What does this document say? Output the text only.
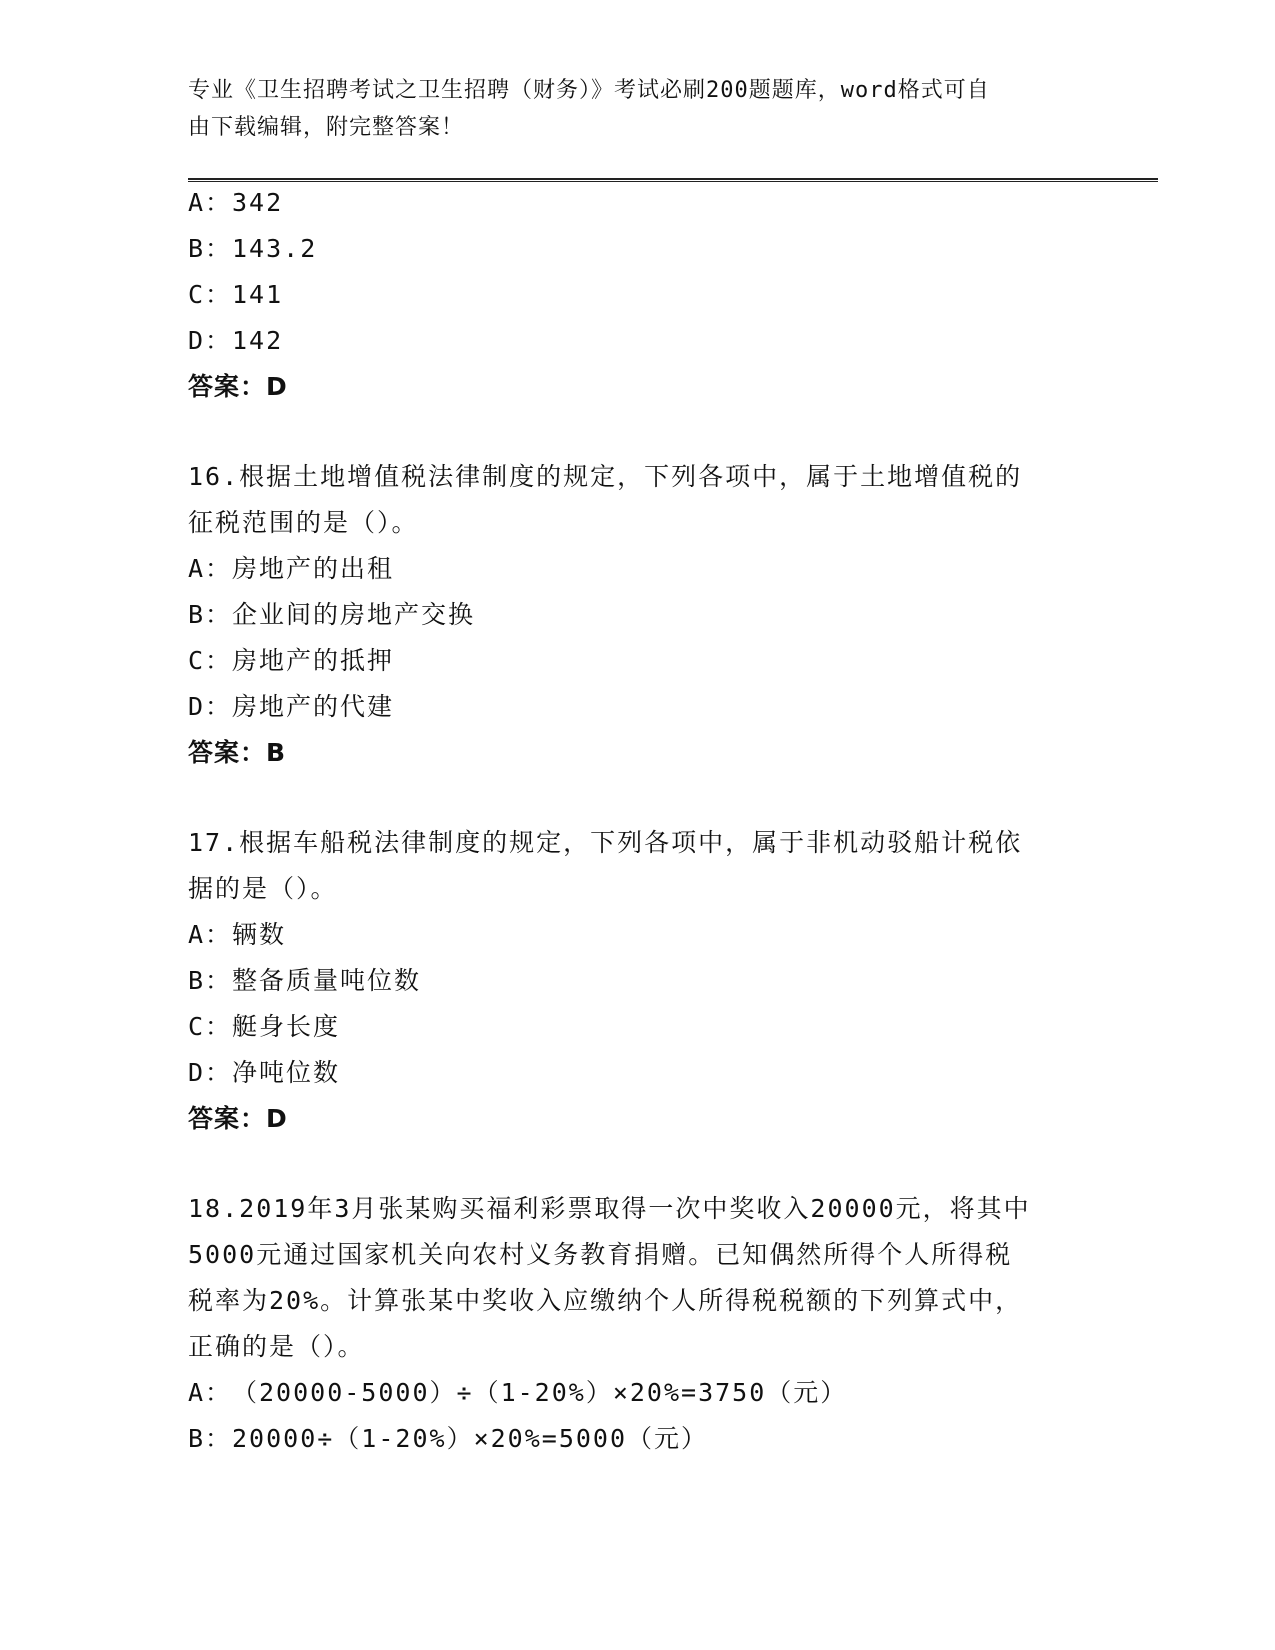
专业《卫生招聘考试之卫生招聘（财务）》考试必刷200题题库，word格式可自
由下载编辑，附完整答案！
A：342
B：143.2
C：141
D：142
答案：D
16.根据土地增值税法律制度的规定，下列各项中，属于土地增值税的
征税范围的是（）。
A：房地产的出租
B：企业间的房地产交换
C：房地产的抵押
D：房地产的代建
答案：B
17.根据车船税法律制度的规定，下列各项中，属于非机动驳船计税依
据的是（）。
A：辆数
B：整备质量吨位数
C：艇身长度
D：净吨位数
答案：D
18.2019年3月张某购买福利彩票取得一次中奖收入20000元，将其中
5000元通过国家机关向农村义务教育捐赠。已知偶然所得个人所得税
税率为20%。计算张某中奖收入应缴纳个人所得税税额的下列算式中，
正确的是（）。
A：（20000-5000）÷（1-20%）×20%=3750（元）
B：20000÷（1-20%）×20%=5000（元）
